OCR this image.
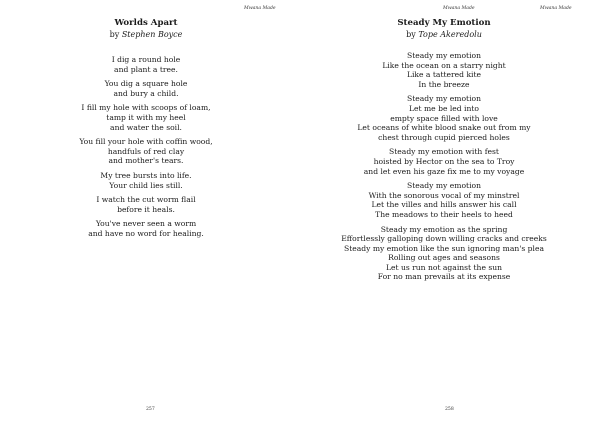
Mwana Made

Worlds Apart

by Stephen Boyce

I dig a round hole
and plant a tree.
You dig a square hole
and bury a child.
I fill my hole with scoops of loam,
tamp it with my heel
and water the soil.
You fill your hole with coffin wood,
handfuls of red clay
and mother's tears.
My tree bursts into life.
Your child lies still.
I watch the cut worm flail
before it heals.
You've never seen a worm
and have no word for healing.
257
Mwana Made	Mwana Made

Steady My Emotion

by Tope Akeredolu

Steady my emotion
Like the ocean on a starry night
Like a tattered kite
In the breeze
Steady my emotion
Let me be led into
empty space filled with love
Let oceans of white blood snake out from my
chest through cupid pierced holes
Steady my emotion with fest
hoisted by Hector on the sea to Troy
and let even his gaze fix me to my voyage
Steady my emotion
With the sonorous vocal of my minstrel
Let the villes and hills answer his call
The meadows to their heels to heed
Steady my emotion as the spring
Effortlessly galloping down willing cracks and creeks
Steady my emotion like the sun ignoring man's plea
Rolling out ages and seasons
Let us run not against the sun
For no man prevails at its expense
258
